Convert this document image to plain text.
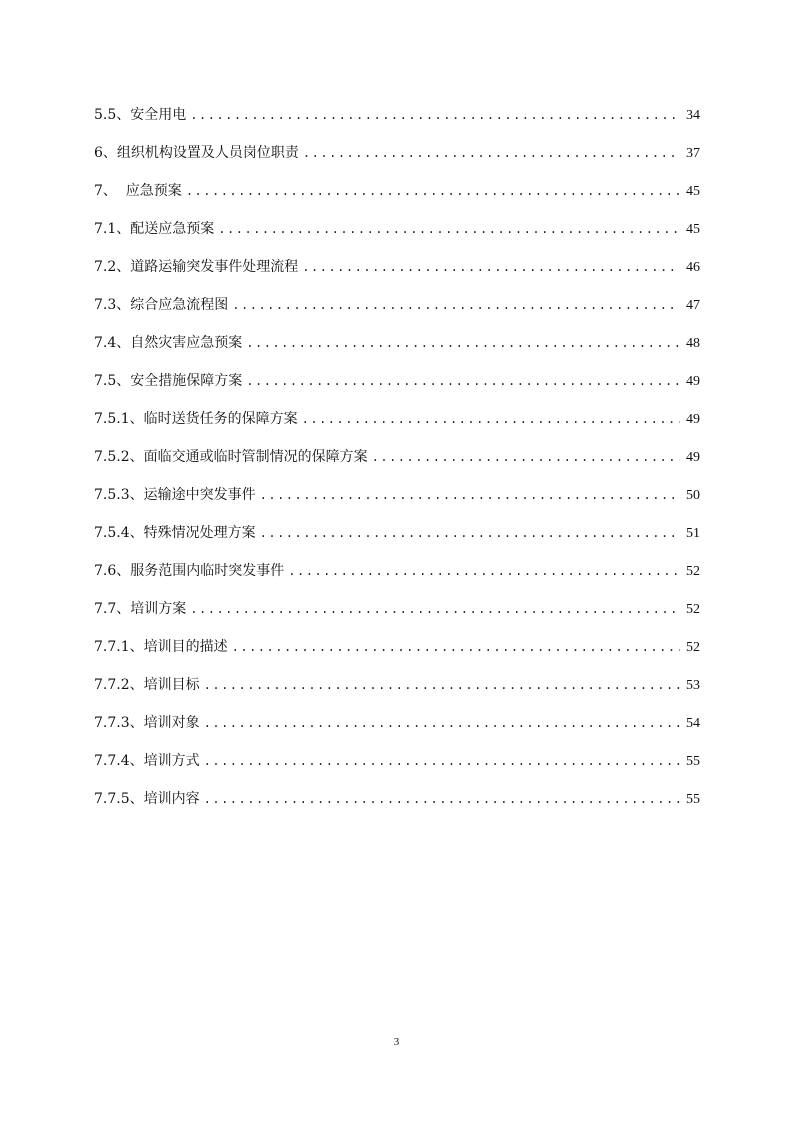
5.5、安全用电 .....	34
6、组织机构设置及人员岗位职责 .....	37
7、  应急预案 .....	45
7.1、配送应急预案 .....	45
7.2、道路运输突发事件处理流程 .....	46
7.3、综合应急流程图 .....	47
7.4、自然灾害应急预案 .....	48
7.5、安全措施保障方案 .....	49
7.5.1、临时送货任务的保障方案 .....	49
7.5.2、面临交通或临时管制情况的保障方案 .....	49
7.5.3、运输途中突发事件 .....	50
7.5.4、特殊情况处理方案 .....	51
7.6、服务范围内临时突发事件 .....	52
7.7、培训方案 .....	52
7.7.1、培训目的描述 .....	52
7.7.2、培训目标 .....	53
7.7.3、培训对象 .....	54
7.7.4、培训方式 .....	55
7.7.5、培训内容 .....	55
3
